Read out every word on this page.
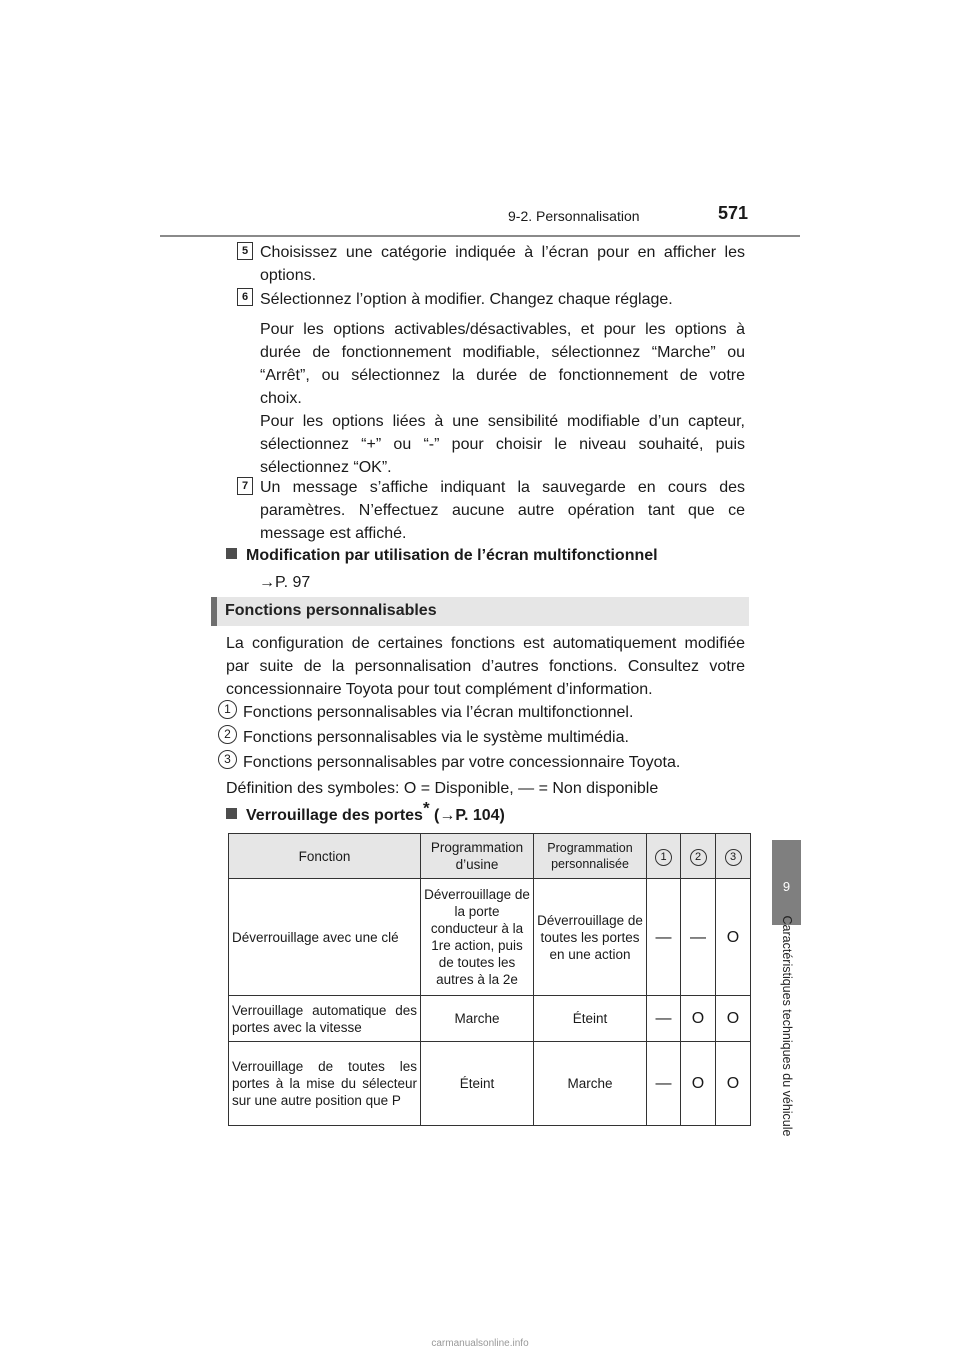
9-2. Personnalisation	571
9
Caractéristiques techniques du véhicule
5 Choisissez une catégorie indiquée à l’écran pour en afficher les
options.
6 Sélectionnez l’option à modifier. Changez chaque réglage.
Pour les options activables/désactivables, et pour les options à
durée de fonctionnement modifiable, sélectionnez “Marche” ou
“Arrêt”, ou sélectionnez la durée de fonctionnement de votre
choix.
Pour les options liées à une sensibilité modifiable d’un capteur,
sélectionnez “+” ou “-” pour choisir le niveau souhaité, puis
sélectionnez “OK”.
7 Un message s’affiche indiquant la sauvegarde en cours des
paramètres. N’effectuez aucune autre opération tant que ce
message est affiché.
Modification par utilisation de l’écran multifonctionnel
→P. 97
Fonctions personnalisables
La configuration de certaines fonctions est automatiquement modifiée
par suite de la personnalisation d’autres fonctions. Consultez votre
concessionnaire Toyota pour tout complément d’information.
1 Fonctions personnalisables via l’écran multifonctionnel.
2 Fonctions personnalisables via le système multimédia.
3 Fonctions personnalisables par votre concessionnaire Toyota.
Définition des symboles: O = Disponible, — = Non disponible
Verrouillage des portes* (→P. 104)
Fonction	Programmation d’usine	Programmation personnalisée	1	2	3
Déverrouillage avec une clé	Déverrouillage de la porte conducteur à la 1re action, puis de toutes les autres à la 2e	Déverrouillage de toutes les portes en une action	—	—	O
Verrouillage automatique des portes avec la vitesse	Marche	Éteint	—	O	O
Verrouillage de toutes les portes à la mise du sélecteur sur une autre position que P	Éteint	Marche	—	O	O
carmanualsonline.info
